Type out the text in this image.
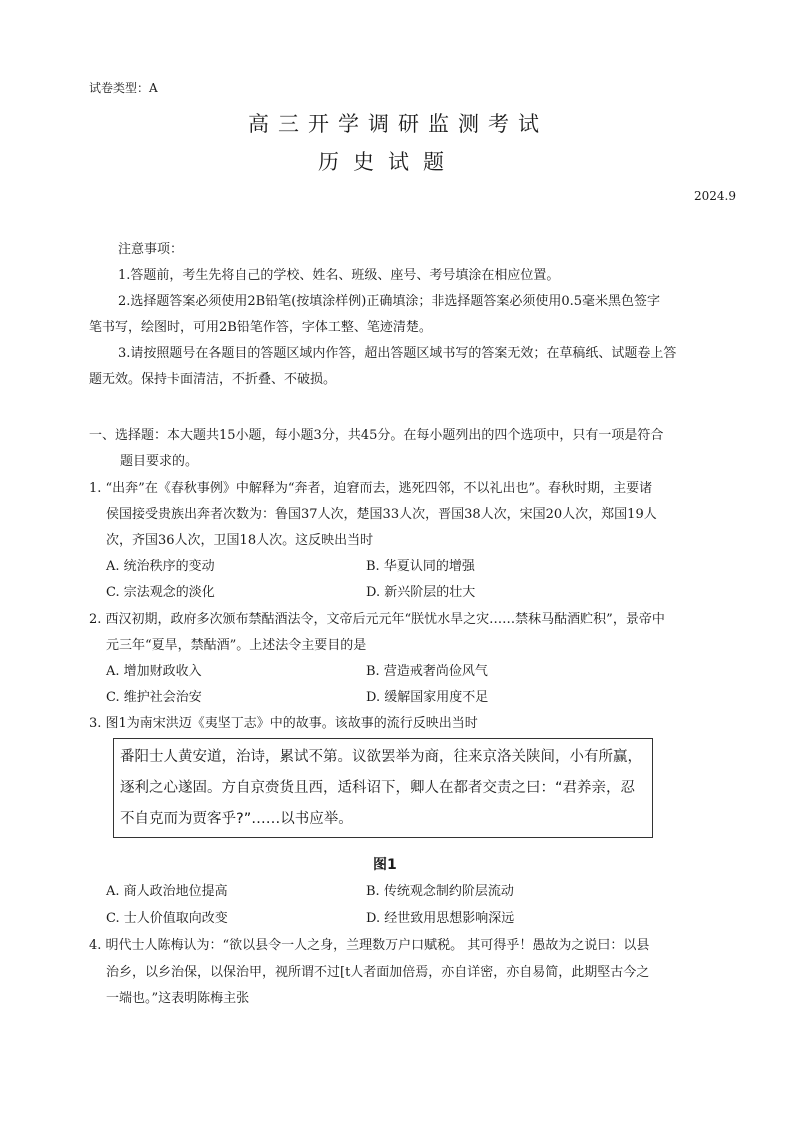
试卷类型：A
高三开学调研监测考试
历史试题
2024.9
注意事项：
1.答题前，考生先将自己的学校、姓名、班级、座号、考号填涂在相应位置。
2.选择题答案必须使用2B铅笔(按填涂样例)正确填涂；非选择题答案必须使用0.5毫米黑色签字
笔书写，绘图时，可用2B铅笔作答，字体工整、笔迹清楚。
3.请按照题号在各题目的答题区域内作答，超出答题区域书写的答案无效；在草稿纸、试题卷上答
题无效。保持卡面清洁，不折叠、不破损。
一、选择题：本大题共15小题，每小题3分，共45分。在每小题列出的四个选项中，只有一项是符合
题目要求的。
1. “出奔”在《春秋事例》中解释为“奔者，迫窘而去，逃死四邻，不以礼出也”。春秋时期，主要诸
侯国接受贵族出奔者次数为：鲁国37人次，楚国33人次，晋国38人次，宋国20人次，郑国19人
次，齐国36人次，卫国18人次。这反映出当时
A. 统治秩序的变动	B. 华夏认同的增强
C. 宗法观念的淡化	D. 新兴阶层的壮大
2. 西汉初期，政府多次颁布禁酤酒法令，文帝后元元年“朕忧水旱之灾……禁秣马酤酒贮积”，景帝中
元三年“夏旱，禁酤酒”。上述法令主要目的是
A. 增加财政收入	B. 营造戒奢尚俭风气
C. 维护社会治安	D. 缓解国家用度不足
3. 图1为南宋洪迈《夷坚丁志》中的故事。该故事的流行反映出当时
番阳士人黄安道，治诗，累试不第。议欲罢举为商，往来京洛关陕间，小有所赢，
逐利之心遂固。方自京赍货且西，适科诏下，卿人在都者交责之曰：“君养亲，忍
不自克而为贾客乎?”……以书应举。
图1
A. 商人政治地位提高	B. 传统观念制约阶层流动
C. 士人价值取向改变	D. 经世致用思想影响深远
4. 明代士人陈梅认为：“欲以县令一人之身，兰理数万户口赋税。 其可得乎！愚故为之说曰：以县
治乡，以乡治保，以保治甲，视所谓不过[t人者面加倍焉，亦自详密，亦自易简，此期堅古今之
一端也。”这表明陈梅主张
